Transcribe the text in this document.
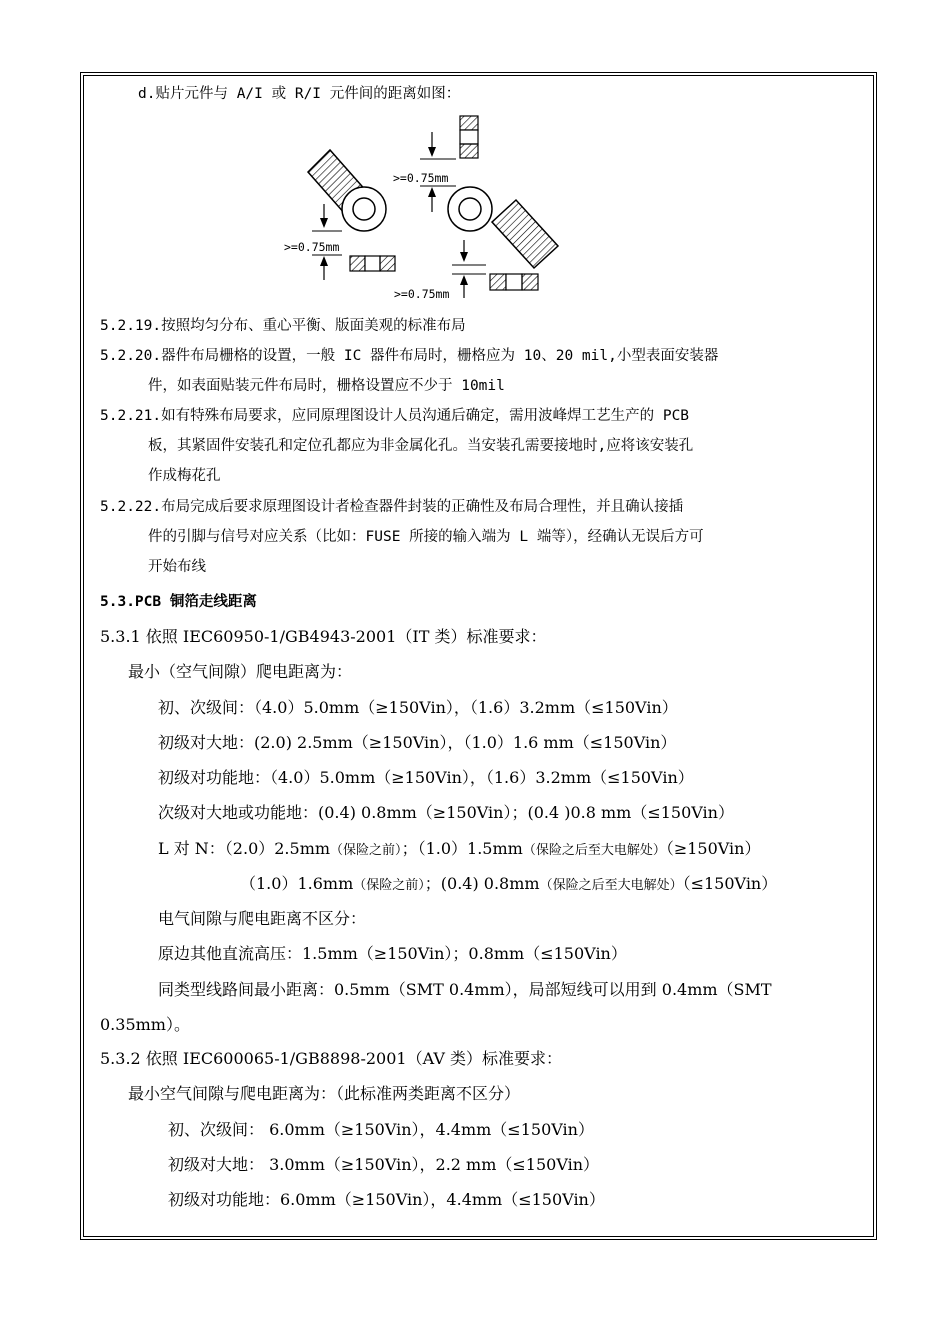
d.贴片元件与 A/I 或 R/I 元件间的距离如图：
>=0.75mm
>=0.75mm
>=0.75mm
5.2.19.按照均匀分布、重心平衡、版面美观的标准布局
5.2.20.器件布局栅格的设置，一般 IC 器件布局时，栅格应为 10、20 mil,小型表面安装器
件，如表面贴装元件布局时，栅格设置应不少于 10mil
5.2.21.如有特殊布局要求，应同原理图设计人员沟通后确定，需用波峰焊工艺生产的 PCB
板，其紧固件安装孔和定位孔都应为非金属化孔。当安装孔需要接地时,应将该安装孔
作成梅花孔
5.2.22.布局完成后要求原理图设计者检查器件封装的正确性及布局合理性，并且确认接插
件的引脚与信号对应关系（比如：FUSE 所接的输入端为 L 端等），经确认无误后方可
开始布线
5.3.PCB 铜箔走线距离
5.3.1 依照 IEC60950-1/GB4943-2001（IT 类）标准要求：
最小（空气间隙）爬电距离为：
初、次级间：（4.0）5.0mm（≥150Vin），（1.6）3.2mm（≤150Vin）
初级对大地：(2.0) 2.5mm（≥150Vin），（1.0）1.6 mm（≤150Vin）
初级对功能地：（4.0）5.0mm（≥150Vin），（1.6）3.2mm（≤150Vin）
次级对大地或功能地：(0.4) 0.8mm（≥150Vin）；(0.4 )0.8 mm（≤150Vin）
L 对 N：（2.0）2.5mm（保险之前）；（1.0）1.5mm（保险之后至大电解处）（≥150Vin）
（1.0）1.6mm（保险之前）；(0.4) 0.8mm（保险之后至大电解处）（≤150Vin）
电气间隙与爬电距离不区分：
原边其他直流高压：1.5mm（≥150Vin）；0.8mm（≤150Vin）
同类型线路间最小距离：0.5mm（SMT 0.4mm），局部短线可以用到 0.4mm（SMT
0.35mm）。
5.3.2 依照 IEC600065-1/GB8898-2001（AV 类）标准要求：
最小空气间隙与爬电距离为：（此标准两类距离不区分）
初、次级间： 6.0mm（≥150Vin），4.4mm（≤150Vin）
初级对大地： 3.0mm（≥150Vin），2.2 mm（≤150Vin）
初级对功能地：6.0mm（≥150Vin），4.4mm（≤150Vin）
